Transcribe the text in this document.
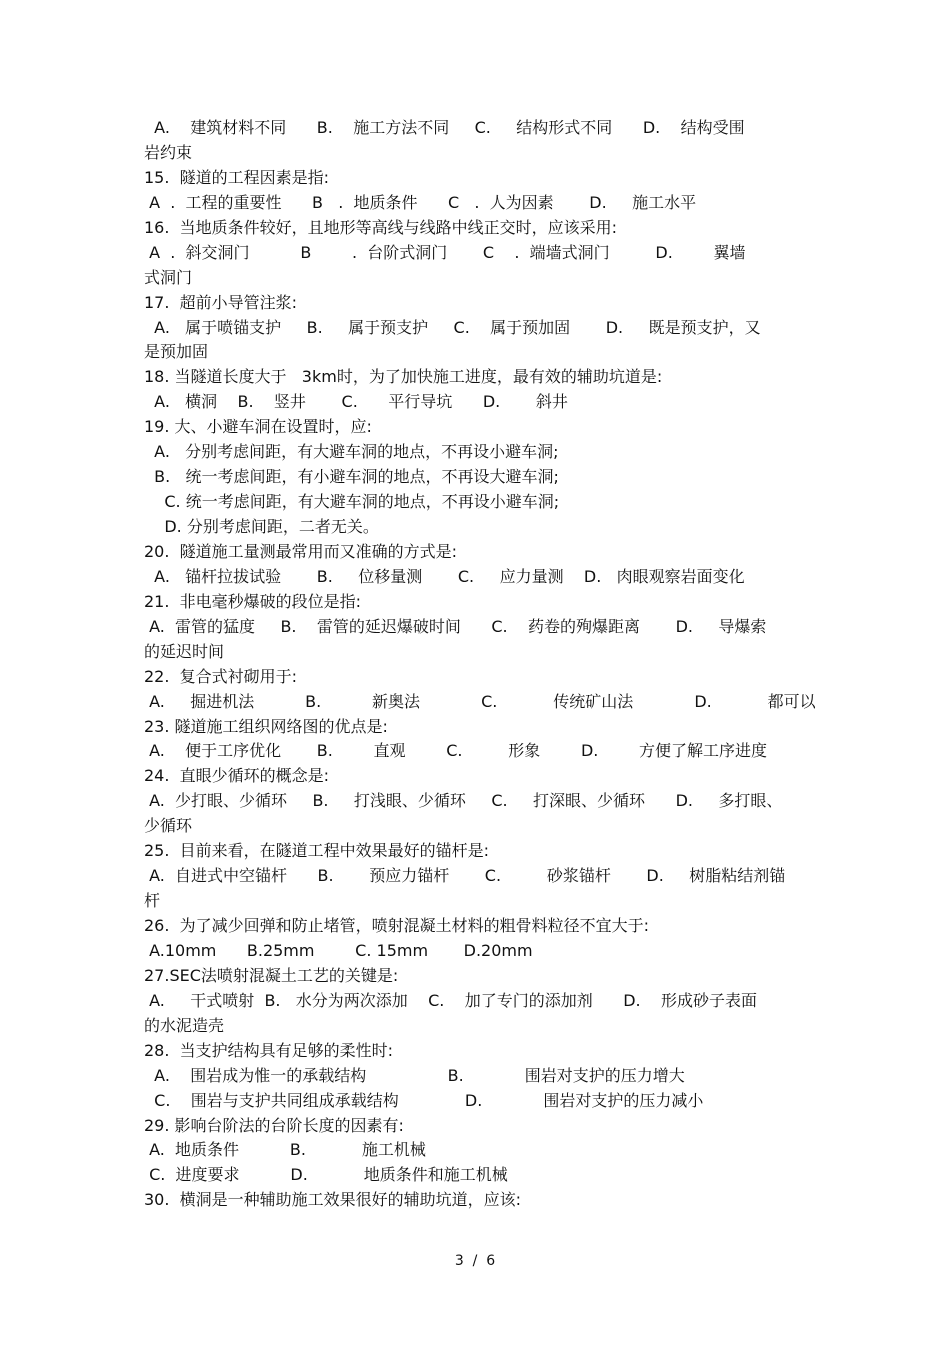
A.    建筑材料不同      B.    施工方法不同     C.     结构形式不同      D.    结构受围
岩约束
15.  隧道的工程因素是指:
A  .  工程的重要性      B   .  地质条件      C   .  人为因素       D.     施工水平
16.  当地质条件较好，且地形等高线与线路中线正交时，应该采用:
A  .  斜交洞门          B        .  台阶式洞门       C    .  端墙式洞门         D.        翼墙
式洞门
17.  超前小导管注浆:
A.   属于喷锚支护     B.     属于预支护     C.    属于预加固       D.     既是预支护，又
是预加固
18. 当隧道长度大于   3km时，为了加快施工进度，最有效的辅助坑道是:
A.   横洞    B.    竖井       C.      平行导坑      D.       斜井
19. 大、小避车洞在设置时，应:
A.   分别考虑间距，有大避车洞的地点，不再设小避车洞;
B.   统一考虑间距，有小避车洞的地点，不再设大避车洞;
C. 统一考虑间距，有大避车洞的地点，不再设小避车洞;
D. 分别考虑间距，二者无关。
20.  隧道施工量测最常用而又准确的方式是:
A.   锚杆拉拔试验       B.     位移量测       C.     应力量测    D.   肉眼观察岩面变化
21.  非电毫秒爆破的段位是指:
A.  雷管的猛度     B.    雷管的延迟爆破时间      C.    药卷的殉爆距离       D.     导爆索
的延迟时间
22.  复合式衬砌用于:
A.     掘进机法          B.          新奥法            C.           传统矿山法            D.           都可以
23. 隧道施工组织网络图的优点是:
A.    便于工序优化       B.        直观        C.         形象        D.        方便了解工序进度
24.  直眼少循环的概念是:
A.  少打眼、少循环     B.     打浅眼、少循环     C.     打深眼、少循环      D.     多打眼、
少循环
25.  目前来看，在隧道工程中效果最好的锚杆是:
A.  自进式中空锚杆      B.       预应力锚杆       C.         砂浆锚杆       D.     树脂粘结剂锚
杆
26.  为了减少回弹和防止堵管，喷射混凝土材料的粗骨料粒径不宜大于:
A.10mm      B.25mm        C. 15mm       D.20mm
27.SEC法喷射混凝土工艺的关键是:
A.     干式喷射  B.   水分为两次添加    C.    加了专门的添加剂      D.    形成砂子表面
的水泥造壳
28.  当支护结构具有足够的柔性时:
A.    围岩成为惟一的承载结构                B.            围岩对支护的压力增大
C.    围岩与支护共同组成承载结构             D.            围岩对支护的压力减小
29. 影响台阶法的台阶长度的因素有:
A.  地质条件          B.           施工机械
C.  进度要求          D.           地质条件和施工机械
30.  横洞是一种辅助施工效果很好的辅助坑道，应该:
3  /  6
